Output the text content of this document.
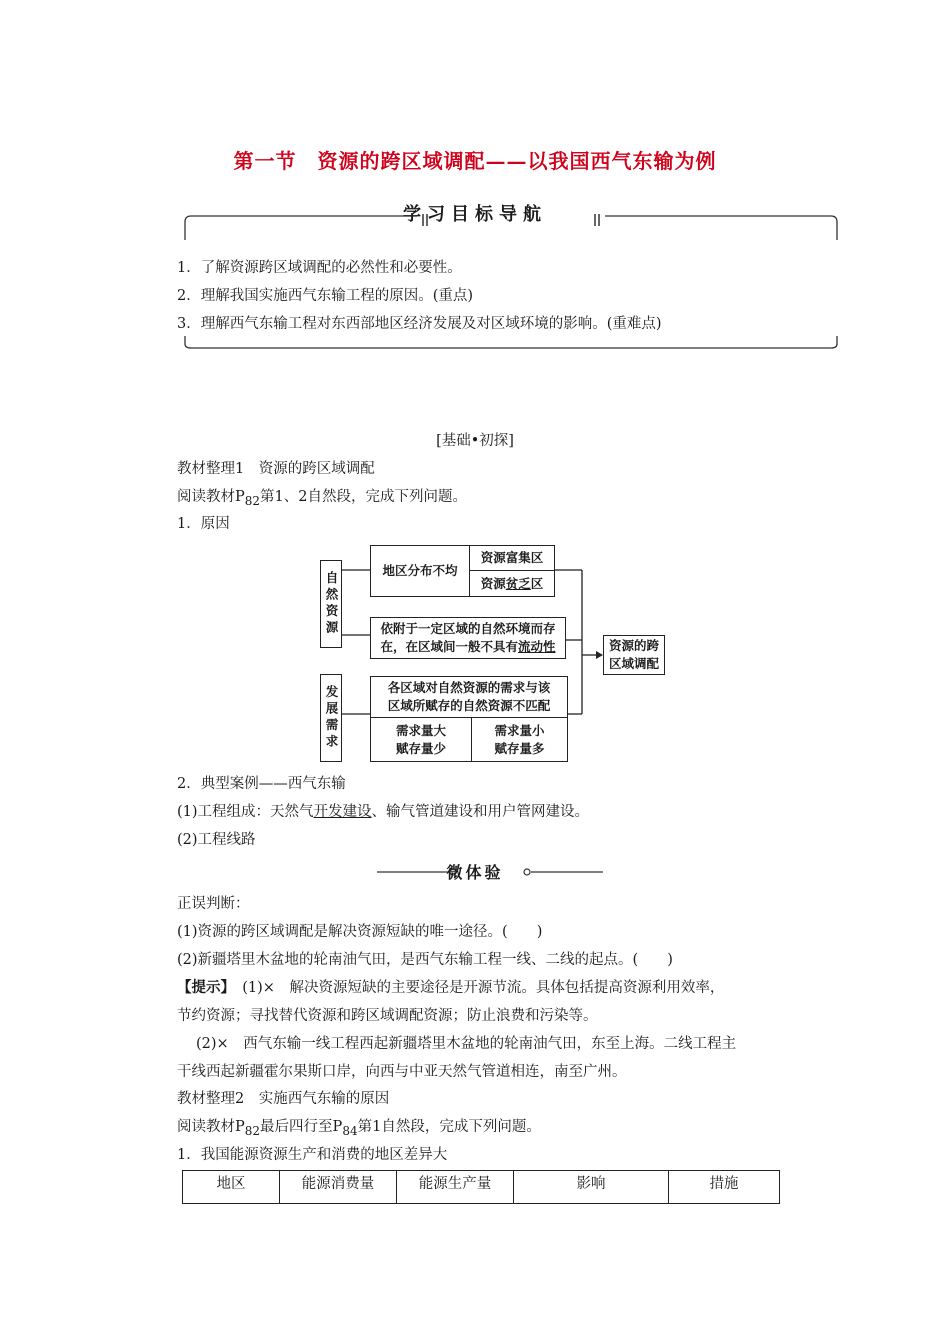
第一节　资源的跨区域调配——以我国西气东输为例
学习目标导航
1．了解资源跨区域调配的必然性和必要性。
2．理解我国实施西气东输工程的原因。(重点)
3．理解西气东输工程对东西部地区经济发展及对区域环境的影响。(重难点)
[基础•初探]
教材整理1　资源的跨区域调配
阅读教材$P_{82}$第1、2自然段，完成下列问题。
1．原因
自然资源
地区分布不均
资源富集区
资源 贫乏 区
依附于一定区域的自然环境而存
在，在区域间一般不具有流动性	资源的跨
区域调配
发展需求	各区域对自然资源的需求与该
区域所赋存的自然资源不匹配
需求量大
赋存量少
需求量小
赋存量多
2．典型案例——西气东输
(1)工程组成：天然气开发建设、输气管道建设和用户管网建设。
(2)工程线路
微体验
正误判断：
(1)资源的跨区域调配是解决资源短缺的唯一途径。(　　)
(2)新疆塔里木盆地的轮南油气田，是西气东输工程一线、二线的起点。(　　)
【提示】　(1)×　解决资源短缺的主要途径是开源节流。具体包括提高资源利用效率，
节约资源；寻找替代资源和跨区域调配资源；防止浪费和污染等。
(2)×　西气东输一线工程西起新疆塔里木盆地的轮南油气田，东至上海。二线工程主
干线西起新疆霍尔果斯口岸，向西与中亚天然气管道相连，南至广州。
教材整理2　实施西气东输的原因
阅读教材$P_{82}$最后四行至$P_{84}$第1自然段，完成下列问题。
1．我国能源资源生产和消费的地区差异大
地区	能源消费量	能源生产量	影响	措施
